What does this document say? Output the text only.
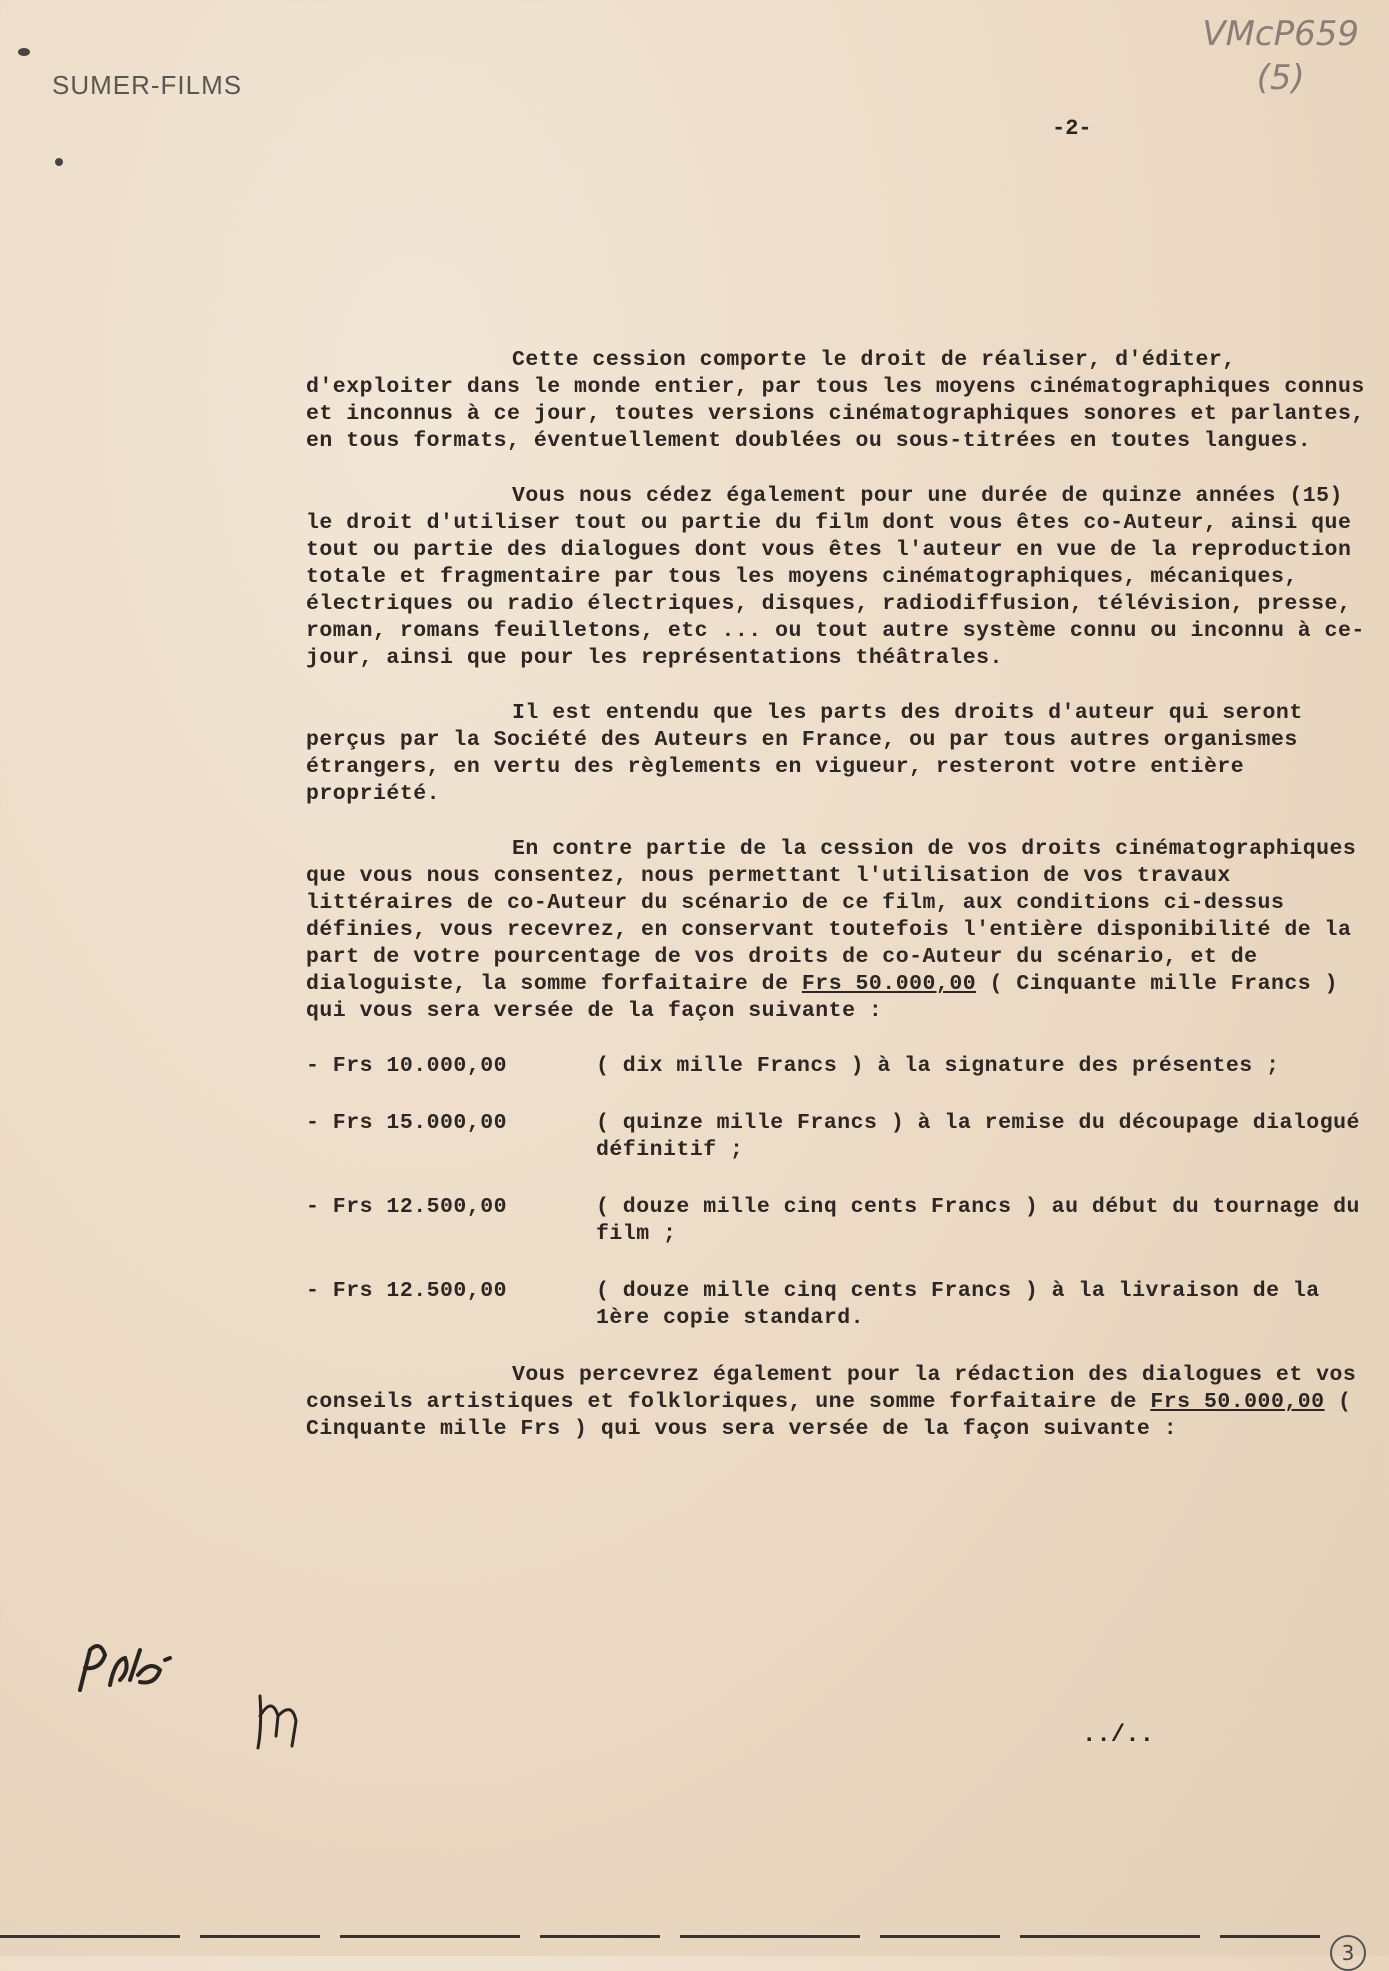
SUMER-FILMS
-2-
VMcP659
(5)

Cette cession comporte le droit de réaliser, d'éditer, d'exploiter dans le monde entier, par tous les moyens cinématographiques connus et inconnus à ce jour, toutes versions cinématographiques sonores et parlantes, en tous formats, éventuellement doublées ou sous-titrées en toutes langues.

Vous nous cédez également pour une durée de quinze années (15) le droit d'utiliser tout ou partie du film dont vous êtes co-Auteur, ainsi que tout ou partie des dialogues dont vous êtes l'auteur en vue de la reproduction totale et fragmentaire par tous les moyens cinématographiques, mécaniques, électriques ou radio électriques, disques, radiodiffusion, télévision, presse, roman, romans feuilletons, etc ... ou tout autre système connu ou inconnu à ce-jour, ainsi que pour les représentations théâtrales.

Il est entendu que les parts des droits d'auteur qui seront perçus par la Société des Auteurs en France, ou par tous autres organismes étrangers, en vertu des règlements en vigueur, resteront votre entière propriété.

En contre partie de la cession de vos droits cinématographiques que vous nous consentez, nous permettant l'utilisation de vos travaux littéraires de co-Auteur du scénario de ce film, aux conditions ci-dessus définies, vous recevrez, en conservant toutefois l'entière disponibilité de la part de votre pourcentage de vos droits de co-Auteur du scénario, et de dialoguiste, la somme forfaitaire de Frs 50.000,00 ( Cinquante mille Francs ) qui vous sera versée de la façon suivante :

- Frs 10.000,00	( dix mille Francs ) à la signature des présentes ;
- Frs 15.000,00	( quinze mille Francs ) à la remise du découpage dialogué définitif ;
- Frs 12.500,00	( douze mille cinq cents Francs ) au début du tournage du film ;
- Frs 12.500,00	( douze mille cinq cents Francs ) à la livraison de la 1ère copie standard.

Vous percevrez également pour la rédaction des dialogues et vos conseils artistiques et folkloriques, une somme forfaitaire de Frs 50.000,00 ( Cinquante mille Frs ) qui vous sera versée de la façon suivante :

../..
3
